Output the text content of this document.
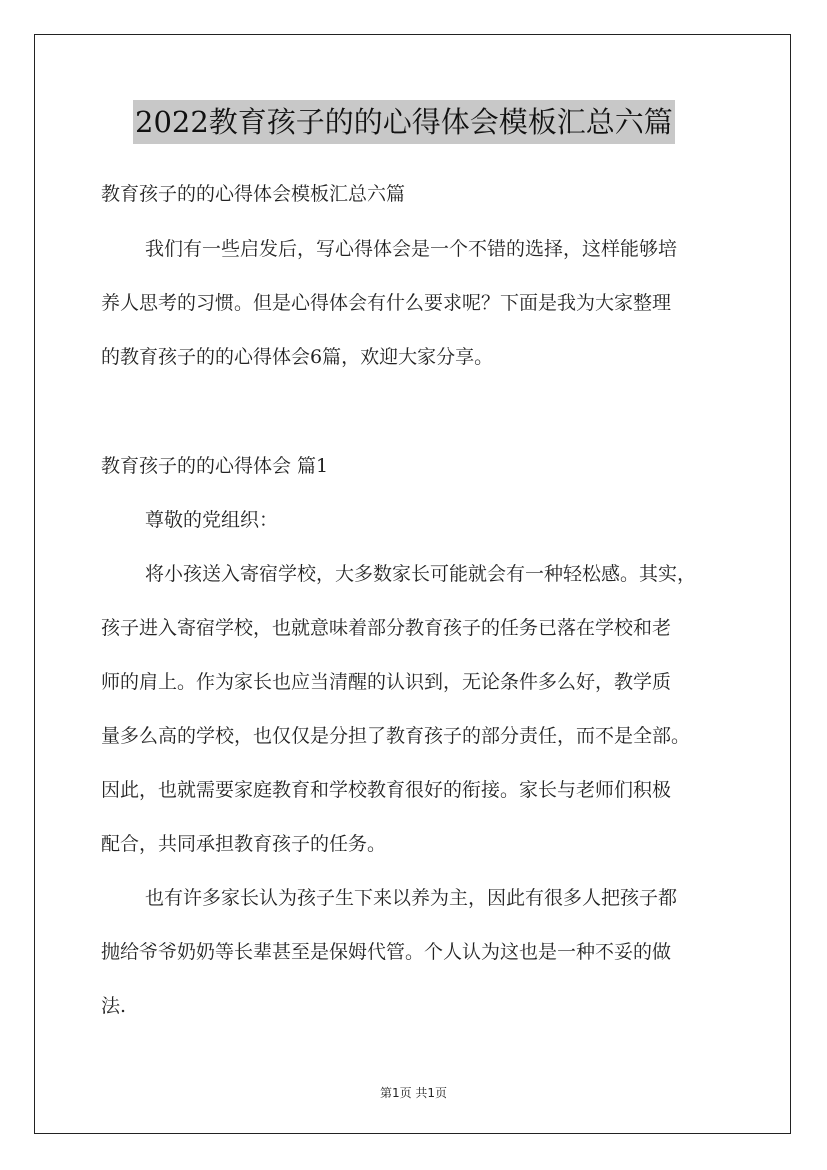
2022教育孩子的的心得体会模板汇总六篇
教育孩子的的心得体会模板汇总六篇
我们有一些启发后，写心得体会是一个不错的选择，这样能够培
养人思考的习惯。但是心得体会有什么要求呢？下面是我为大家整理
的教育孩子的的心得体会6篇，欢迎大家分享。
教育孩子的的心得体会 篇1
尊敬的党组织：
将小孩送入寄宿学校，大多数家长可能就会有一种轻松感。其实，
孩子进入寄宿学校，也就意味着部分教育孩子的任务已落在学校和老
师的肩上。作为家长也应当清醒的认识到，无论条件多么好，教学质
量多么高的学校，也仅仅是分担了教育孩子的部分责任，而不是全部。
因此，也就需要家庭教育和学校教育很好的衔接。家长与老师们积极
配合，共同承担教育孩子的任务。
也有许多家长认为孩子生下来以养为主，因此有很多人把孩子都
抛给爷爷奶奶等长辈甚至是保姆代管。个人认为这也是一种不妥的做
法.
第1页 共1页
